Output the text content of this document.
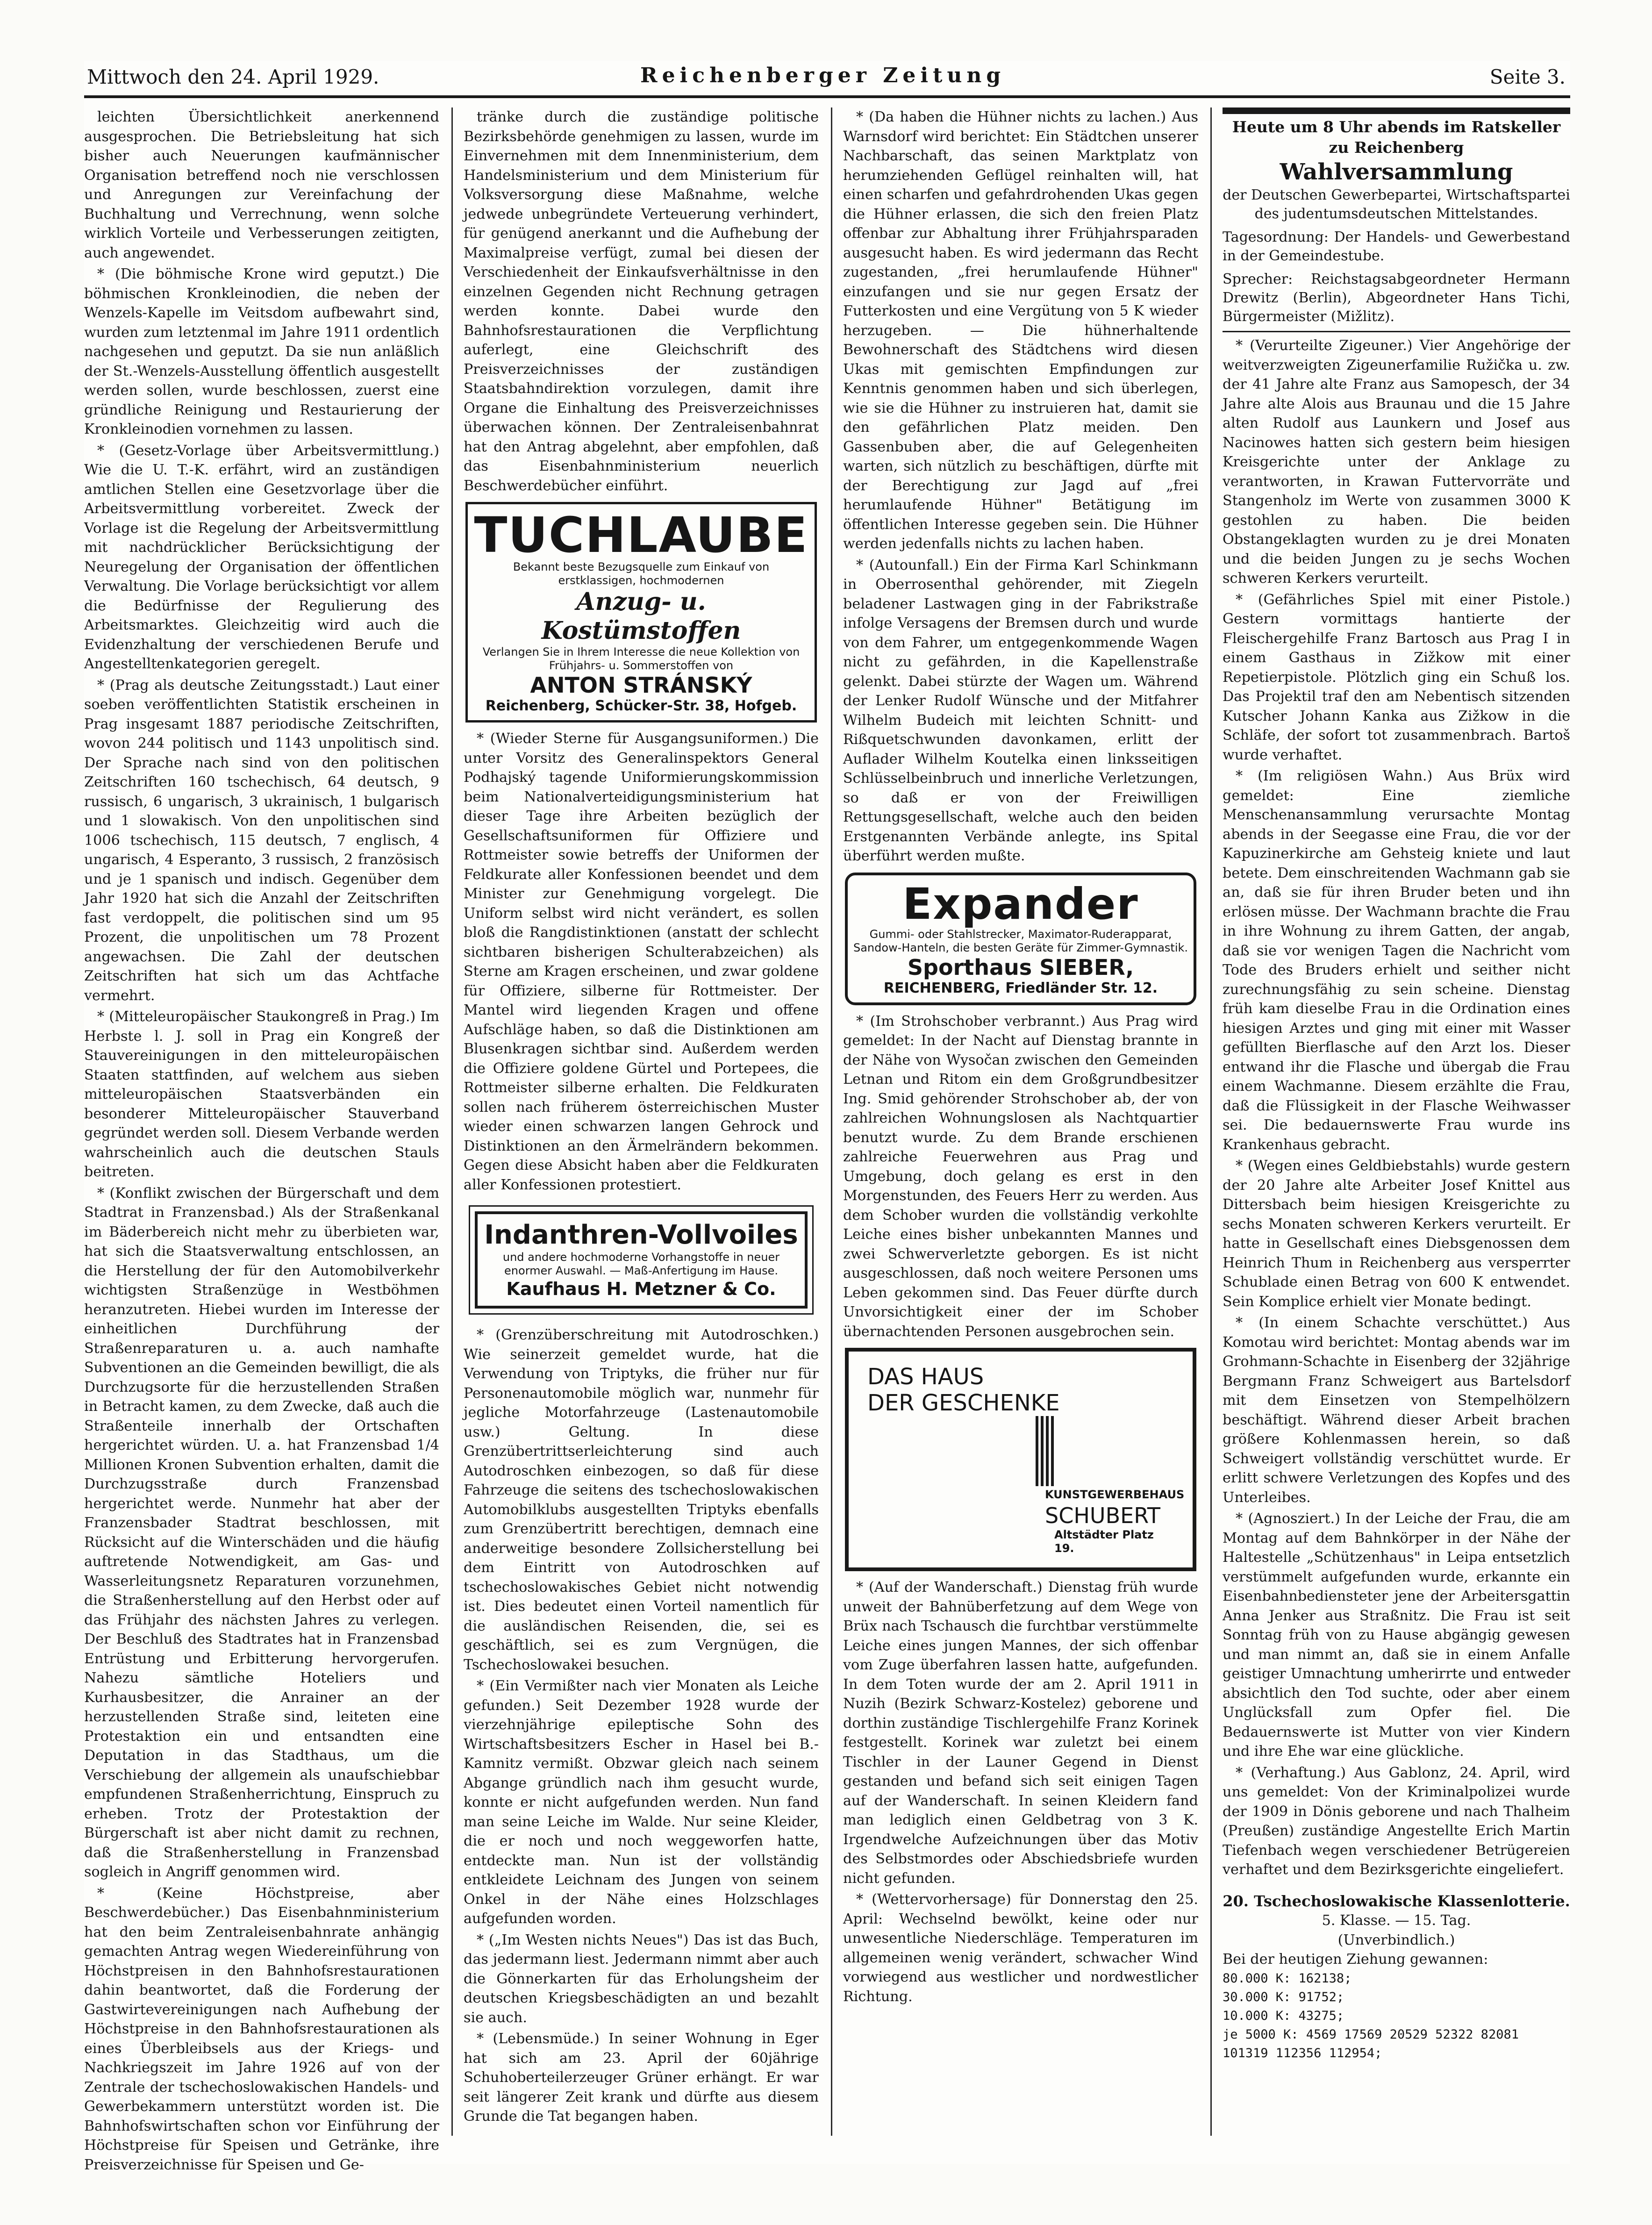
Mittwoch den 24. April 1929.	Reichenberger Zeitung	Seite 3.

leichten Übersichtlichkeit anerkennend ausgesprochen. Die Betriebsleitung hat sich bisher auch Neuerungen kaufmännischer Organisation betreffend noch nie verschlossen und Anregungen zur Vereinfachung der Buchhaltung und Verrechnung, wenn solche wirklich Vorteile und Verbesserungen zeitigten, auch angewendet.

* (Die böhmische Krone wird geputzt.) Die böhmischen Kronkleinodien, die neben der Wenzels-Kapelle im Veitsdom aufbewahrt sind, wurden zum letztenmal im Jahre 1911 ordentlich nachgesehen und geputzt. Da sie nun anläßlich der St.-Wenzels-Ausstellung öffentlich ausgestellt werden sollen, wurde beschlossen, zuerst eine gründliche Reinigung und Restaurierung der Kronkleinodien vornehmen zu lassen.

* (Gesetz-Vorlage über Arbeitsvermittlung.) Wie die U. T.-K. erfährt, wird an zuständigen amtlichen Stellen eine Gesetzvorlage über die Arbeitsvermittlung vorbereitet. Zweck der Vorlage ist die Regelung der Arbeitsvermittlung mit nachdrücklicher Berücksichtigung der Neuregelung der Organisation der öffentlichen Verwaltung. Die Vorlage berücksichtigt vor allem die Bedürfnisse der Regulierung des Arbeitsmarktes. Gleichzeitig wird auch die Evidenzhaltung der verschiedenen Berufe und Angestelltenkategorien geregelt.

* (Prag als deutsche Zeitungsstadt.) Laut einer soeben veröffentlichten Statistik erscheinen in Prag insgesamt 1887 periodische Zeitschriften, wovon 244 politisch und 1143 unpolitisch sind. Der Sprache nach sind von den politischen Zeitschriften 160 tschechisch, 64 deutsch, 9 russisch, 6 ungarisch, 3 ukrainisch, 1 bulgarisch und 1 slowakisch. Von den unpolitischen sind 1006 tschechisch, 115 deutsch, 7 englisch, 4 ungarisch, 4 Esperanto, 3 russisch, 2 französisch und je 1 spanisch und indisch. Gegenüber dem Jahr 1920 hat sich die Anzahl der Zeitschriften fast verdoppelt, die politischen sind um 95 Prozent, die unpolitischen um 78 Prozent angewachsen. Die Zahl der deutschen Zeitschriften hat sich um das Achtfache vermehrt.

* (Mitteleuropäischer Staukongreß in Prag.) Im Herbste l. J. soll in Prag ein Kongreß der Stauvereinigungen in den mitteleuropäischen Staaten stattfinden, auf welchem aus sieben mitteleuropäischen Staatsverbänden ein besonderer Mitteleuropäischer Stauverband gegründet werden soll. Diesem Verbande werden wahrscheinlich auch die deutschen Stauls beitreten.

* (Konflikt zwischen der Bürgerschaft und dem Stadtrat in Franzensbad.) Als der Straßenkanal im Bäderbereich nicht mehr zu überbieten war, hat sich die Staatsverwaltung entschlossen, an die Herstellung der für den Automobilverkehr wichtigsten Straßenzüge in Westböhmen heranzutreten. Hiebei wurden im Interesse der einheitlichen Durchführung der Straßenreparaturen u. a. auch namhafte Subventionen an die Gemeinden bewilligt, die als Durchzugsorte für die herzustellenden Straßen in Betracht kamen, zu dem Zwecke, daß auch die Straßenteile innerhalb der Ortschaften hergerichtet würden. U. a. hat Franzensbad 1/4 Millionen Kronen Subvention erhalten, damit die Durchzugsstraße durch Franzensbad hergerichtet werde. Nunmehr hat aber der Franzensbader Stadtrat beschlossen, mit Rücksicht auf die Winterschäden und die häufig auftretende Notwendigkeit, am Gas- und Wasserleitungsnetz Reparaturen vorzunehmen, die Straßenherstellung auf den Herbst oder auf das Frühjahr des nächsten Jahres zu verlegen. Der Beschluß des Stadtrates hat in Franzensbad Entrüstung und Erbitterung hervorgerufen. Nahezu sämtliche Hoteliers und Kurhausbesitzer, die Anrainer an der herzustellenden Straße sind, leiteten eine Protestaktion ein und entsandten eine Deputation in das Stadthaus, um die Verschiebung der allgemein als unaufschiebbar empfundenen Straßenherrichtung, Einspruch zu erheben. Trotz der Protestaktion der Bürgerschaft ist aber nicht damit zu rechnen, daß die Straßenherstellung in Franzensbad sogleich in Angriff genommen wird.

* (Keine Höchstpreise, aber Beschwerdebücher.) Das Eisenbahnministerium hat den beim Zentraleisenbahnrate anhängig gemachten Antrag wegen Wiedereinführung von Höchstpreisen in den Bahnhofsrestaurationen dahin beantwortet, daß die Forderung der Gastwirtevereinigungen nach Aufhebung der Höchstpreise in den Bahnhofsrestaurationen als eines Überbleibsels aus der Kriegs- und Nachkriegszeit im Jahre 1926 auf von der Zentrale der tschechoslowakischen Handels- und Gewerbekammern unterstützt worden ist. Die Bahnhofswirtschaften schon vor Einführung der Höchstpreise für Speisen und Getränke, ihre Preisverzeichnisse für Speisen und Ge-

tränke durch die zuständige politische Bezirksbehörde genehmigen zu lassen, wurde im Einvernehmen mit dem Innenministerium, dem Handelsministerium und dem Ministerium für Volksversorgung diese Maßnahme, welche jedwede unbegründete Verteuerung verhindert, für genügend anerkannt und die Aufhebung der Maximalpreise verfügt, zumal bei diesen der Verschiedenheit der Einkaufsverhältnisse in den einzelnen Gegenden nicht Rechnung getragen werden konnte. Dabei wurde den Bahnhofsrestaurationen die Verpflichtung auferlegt, eine Gleichschrift des Preisverzeichnisses der zuständigen Staatsbahndirektion vorzulegen, damit ihre Organe die Einhaltung des Preisverzeichnisses überwachen können. Der Zentraleisenbahnrat hat den Antrag abgelehnt, aber empfohlen, daß das Eisenbahnministerium neuerlich Beschwerdebücher einführt.

TUCHLAUBE
Bekannt beste Bezugsquelle zum Einkauf von erstklassigen, hochmodernen
Anzug- u. Kostümstoffen
Verlangen Sie in Ihrem Interesse die neue Kollektion von Frühjahrs- u. Sommerstoffen von
ANTON STRÁNSKÝ
Reichenberg, Schücker-Str. 38, Hofgeb.

* (Wieder Sterne für Ausgangsuniformen.) Die unter Vorsitz des Generalinspektors General Podhajský tagende Uniformierungskommission beim Nationalverteidigungsministerium hat dieser Tage ihre Arbeiten bezüglich der Gesellschaftsuniformen für Offiziere und Rottmeister sowie betreffs der Uniformen der Feldkurate aller Konfessionen beendet und dem Minister zur Genehmigung vorgelegt. Die Uniform selbst wird nicht verändert, es sollen bloß die Rangdistinktionen (anstatt der schlecht sichtbaren bisherigen Schulterabzeichen) als Sterne am Kragen erscheinen, und zwar goldene für Offiziere, silberne für Rottmeister. Der Mantel wird liegenden Kragen und offene Aufschläge haben, so daß die Distinktionen am Blusenkragen sichtbar sind. Außerdem werden die Offiziere goldene Gürtel und Portepees, die Rottmeister silberne erhalten. Die Feldkuraten sollen nach früherem österreichischen Muster wieder einen schwarzen langen Gehrock und Distinktionen an den Ärmelrändern bekommen. Gegen diese Absicht haben aber die Feldkuraten aller Konfessionen protestiert.

Indanthren-Vollvoiles
und andere hochmoderne Vorhangstoffe in neuer enormer Auswahl. — Maß-Anfertigung im Hause.
Kaufhaus H. Metzner & Co.

* (Grenzüberschreitung mit Autodroschken.) Wie seinerzeit gemeldet wurde, hat die Verwendung von Triptyks, die früher nur für Personenautomobile möglich war, nunmehr für jegliche Motorfahrzeuge (Lastenautomobile usw.) Geltung. In diese Grenzübertrittserleichterung sind auch Autodroschken einbezogen, so daß für diese Fahrzeuge die seitens des tschechoslowakischen Automobilklubs ausgestellten Triptyks ebenfalls zum Grenzübertritt berechtigen, demnach eine anderweitige besondere Zollsicherstellung bei dem Eintritt von Autodroschken auf tschechoslowakisches Gebiet nicht notwendig ist. Dies bedeutet einen Vorteil namentlich für die ausländischen Reisenden, die, sei es geschäftlich, sei es zum Vergnügen, die Tschechoslowakei besuchen.

* (Ein Vermißter nach vier Monaten als Leiche gefunden.) Seit Dezember 1928 wurde der vierzehnjährige epileptische Sohn des Wirtschaftsbesitzers Escher in Hasel bei B.-Kamnitz vermißt. Obzwar gleich nach seinem Abgange gründlich nach ihm gesucht wurde, konnte er nicht aufgefunden werden. Nun fand man seine Leiche im Walde. Nur seine Kleider, die er noch und noch weggeworfen hatte, entdeckte man. Nun ist der vollständig entkleidete Leichnam des Jungen von seinem Onkel in der Nähe eines Holzschlages aufgefunden worden.

* („Im Westen nichts Neues") Das ist das Buch, das jedermann liest. Jedermann nimmt aber auch die Gönnerkarten für das Erholungsheim der deutschen Kriegsbeschädigten an und bezahlt sie auch.

* (Lebensmüde.) In seiner Wohnung in Eger hat sich am 23. April der 60jährige Schuhoberteilerzeuger Grüner erhängt. Er war seit längerer Zeit krank und dürfte aus diesem Grunde die Tat begangen haben.

* (Da haben die Hühner nichts zu lachen.) Aus Warnsdorf wird berichtet: Ein Städtchen unserer Nachbarschaft, das seinen Marktplatz von herumziehenden Geflügel reinhalten will, hat einen scharfen und gefahrdrohenden Ukas gegen die Hühner erlassen, die sich den freien Platz offenbar zur Abhaltung ihrer Frühjahrsparaden ausgesucht haben. Es wird jedermann das Recht zugestanden, „frei herumlaufende Hühner" einzufangen und sie nur gegen Ersatz der Futterkosten und eine Vergütung von 5 K wieder herzugeben. — Die hühnerhaltende Bewohnerschaft des Städtchens wird diesen Ukas mit gemischten Empfindungen zur Kenntnis genommen haben und sich überlegen, wie sie die Hühner zu instruieren hat, damit sie den gefährlichen Platz meiden. Den Gassenbuben aber, die auf Gelegenheiten warten, sich nützlich zu beschäftigen, dürfte mit der Berechtigung zur Jagd auf „frei herumlaufende Hühner" Betätigung im öffentlichen Interesse gegeben sein. Die Hühner werden jedenfalls nichts zu lachen haben.

* (Autounfall.) Ein der Firma Karl Schinkmann in Oberrosenthal gehörender, mit Ziegeln beladener Lastwagen ging in der Fabrikstraße infolge Versagens der Bremsen durch und wurde von dem Fahrer, um entgegenkommende Wagen nicht zu gefährden, in die Kapellenstraße gelenkt. Dabei stürzte der Wagen um. Während der Lenker Rudolf Wünsche und der Mitfahrer Wilhelm Budeich mit leichten Schnitt- und Rißquetschwunden davonkamen, erlitt der Auflader Wilhelm Koutelka einen linksseitigen Schlüsselbeinbruch und innerliche Verletzungen, so daß er von der Freiwilligen Rettungsgesellschaft, welche auch den beiden Erstgenannten Verbände anlegte, ins Spital überführt werden mußte.

Expander
Gummi- oder Stahlstrecker, Maximator-Ruderapparat, Sandow-Hanteln, die besten Geräte für Zimmer-Gymnastik.
Sporthaus SIEBER,
REICHENBERG, Friedländer Str. 12.

* (Im Strohschober verbrannt.) Aus Prag wird gemeldet: In der Nacht auf Dienstag brannte in der Nähe von Wysočan zwischen den Gemeinden Letnan und Ritom ein dem Großgrundbesitzer Ing. Smid gehörender Strohschober ab, der von zahlreichen Wohnungslosen als Nachtquartier benutzt wurde. Zu dem Brande erschienen zahlreiche Feuerwehren aus Prag und Umgebung, doch gelang es erst in den Morgenstunden, des Feuers Herr zu werden. Aus dem Schober wurden die vollständig verkohlte Leiche eines bisher unbekannten Mannes und zwei Schwerverletzte geborgen. Es ist nicht ausgeschlossen, daß noch weitere Personen ums Leben gekommen sind. Das Feuer dürfte durch Unvorsichtigkeit einer der im Schober übernachtenden Personen ausgebrochen sein.

DAS HAUS
DER GESCHENKE
KUNSTGEWERBEHAUS
SCHUBERT
Altstädter Platz 19.

* (Auf der Wanderschaft.) Dienstag früh wurde unweit der Bahnüberfetzung auf dem Wege von Brüx nach Tschausch die furchtbar verstümmelte Leiche eines jungen Mannes, der sich offenbar vom Zuge überfahren lassen hatte, aufgefunden. In dem Toten wurde der am 2. April 1911 in Nuzih (Bezirk Schwarz-Kostelez) geborene und dorthin zuständige Tischlergehilfe Franz Korinek festgestellt. Korinek war zuletzt bei einem Tischler in der Launer Gegend in Dienst gestanden und befand sich seit einigen Tagen auf der Wanderschaft. In seinen Kleidern fand man lediglich einen Geldbetrag von 3 K. Irgendwelche Aufzeichnungen über das Motiv des Selbstmordes oder Abschiedsbriefe wurden nicht gefunden.

* (Wettervorhersage) für Donnerstag den 25. April: Wechselnd bewölkt, keine oder nur unwesentliche Niederschläge. Temperaturen im allgemeinen wenig verändert, schwacher Wind vorwiegend aus westlicher und nordwestlicher Richtung.

Heute um 8 Uhr abends im Ratskeller zu Reichenberg
Wahlversammlung
der Deutschen Gewerbepartei, Wirtschaftspartei des judentumsdeutschen Mittelstandes.
Tagesordnung: Der Handels- und Gewerbestand in der Gemeindestube.
Sprecher: Reichstagsabgeordneter Hermann Drewitz (Berlin), Abgeordneter Hans Tichi, Bürgermeister (Mižlitz).

* (Verurteilte Zigeuner.) Vier Angehörige der weitverzweigten Zigeunerfamilie Ružička u. zw. der 41 Jahre alte Franz aus Samopesch, der 34 Jahre alte Alois aus Braunau und die 15 Jahre alten Rudolf aus Launkern und Josef aus Nacinowes hatten sich gestern beim hiesigen Kreisgerichte unter der Anklage zu verantworten, in Krawan Futtervorräte und Stangenholz im Werte von zusammen 3000 K gestohlen zu haben. Die beiden Obstangeklagten wurden zu je drei Monaten und die beiden Jungen zu je sechs Wochen schweren Kerkers verurteilt.

* (Gefährliches Spiel mit einer Pistole.) Gestern vormittags hantierte der Fleischergehilfe Franz Bartosch aus Prag I in einem Gasthaus in Zižkow mit einer Repetierpistole. Plötzlich ging ein Schuß los. Das Projektil traf den am Nebentisch sitzenden Kutscher Johann Kanka aus Zižkow in die Schläfe, der sofort tot zusammenbrach. Bartoš wurde verhaftet.

* (Im religiösen Wahn.) Aus Brüx wird gemeldet: Eine ziemliche Menschenansammlung verursachte Montag abends in der Seegasse eine Frau, die vor der Kapuzinerkirche am Gehsteig kniete und laut betete. Dem einschreitenden Wachmann gab sie an, daß sie für ihren Bruder beten und ihn erlösen müsse. Der Wachmann brachte die Frau in ihre Wohnung zu ihrem Gatten, der angab, daß sie vor wenigen Tagen die Nachricht vom Tode des Bruders erhielt und seither nicht zurechnungsfähig zu sein scheine. Dienstag früh kam dieselbe Frau in die Ordination eines hiesigen Arztes und ging mit einer mit Wasser gefüllten Bierflasche auf den Arzt los. Dieser entwand ihr die Flasche und übergab die Frau einem Wachmanne. Diesem erzählte die Frau, daß die Flüssigkeit in der Flasche Weihwasser sei. Die bedauernswerte Frau wurde ins Krankenhaus gebracht.

* (Wegen eines Geldbiebstahls) wurde gestern der 20 Jahre alte Arbeiter Josef Knittel aus Dittersbach beim hiesigen Kreisgerichte zu sechs Monaten schweren Kerkers verurteilt. Er hatte in Gesellschaft eines Diebsgenossen dem Heinrich Thum in Reichenberg aus versperrter Schublade einen Betrag von 600 K entwendet. Sein Komplice erhielt vier Monate bedingt.

* (In einem Schachte verschüttet.) Aus Komotau wird berichtet: Montag abends war im Grohmann-Schachte in Eisenberg der 32jährige Bergmann Franz Schweigert aus Bartelsdorf mit dem Einsetzen von Stempelhölzern beschäftigt. Während dieser Arbeit brachen größere Kohlenmassen herein, so daß Schweigert vollständig verschüttet wurde. Er erlitt schwere Verletzungen des Kopfes und des Unterleibes.

* (Agnosziert.) In der Leiche der Frau, die am Montag auf dem Bahnkörper in der Nähe der Haltestelle „Schützenhaus" in Leipa entsetzlich verstümmelt aufgefunden wurde, erkannte ein Eisenbahnbediensteter jene der Arbeitersgattin Anna Jenker aus Straßnitz. Die Frau ist seit Sonntag früh von zu Hause abgängig gewesen und man nimmt an, daß sie in einem Anfalle geistiger Umnachtung umherirrte und entweder absichtlich den Tod suchte, oder aber einem Unglücksfall zum Opfer fiel. Die Bedauernswerte ist Mutter von vier Kindern und ihre Ehe war eine glückliche.

* (Verhaftung.) Aus Gablonz, 24. April, wird uns gemeldet: Von der Kriminalpolizei wurde der 1909 in Dönis geborene und nach Thalheim (Preußen) zuständige Angestellte Erich Martin Tiefenbach wegen verschiedener Betrügereien verhaftet und dem Bezirksgerichte eingeliefert.

20. Tschechoslowakische Klassenlotterie.
5. Klasse. — 15. Tag.
(Unverbindlich.)
Bei der heutigen Ziehung gewannen:
80.000 K: 162138;
30.000 K: 91752;
10.000 K: 43275;
je 5000 K: 4569 17569 20529 52322 82081
101319 112356 112954;
